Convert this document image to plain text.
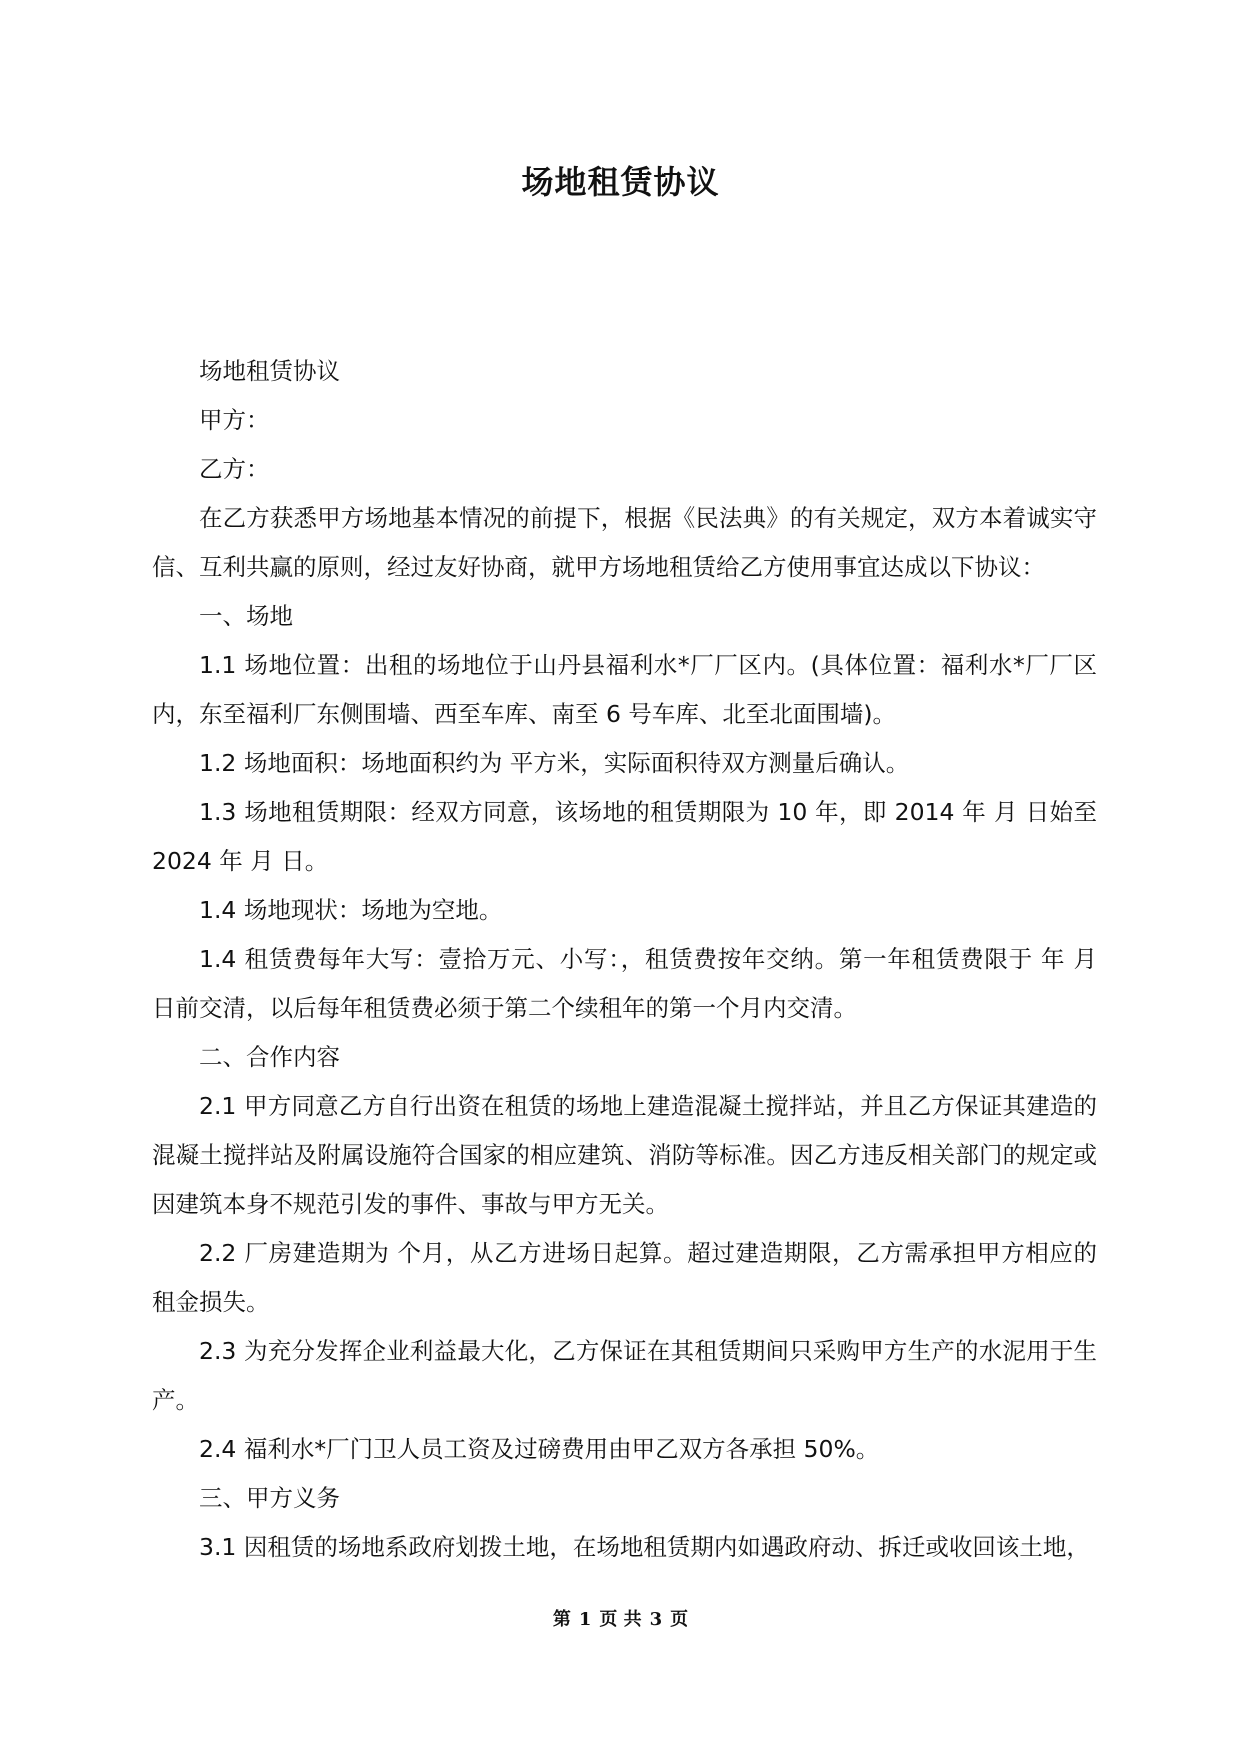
场地租赁协议

场地租赁协议

甲方：

乙方：

在乙方获悉甲方场地基本情况的前提下，根据《民法典》的有关规定，双方本着诚实守信、互利共赢的原则，经过友好协商，就甲方场地租赁给乙方使用事宜达成以下协议：

一、场地

1.1 场地位置：出租的场地位于山丹县福利水*厂厂区内。(具体位置：福利水*厂厂区内，东至福利厂东侧围墙、西至车库、南至 6 号车库、北至北面围墙)。

1.2 场地面积：场地面积约为 平方米，实际面积待双方测量后确认。

1.3 场地租赁期限：经双方同意，该场地的租赁期限为 10 年，即 2014 年 月 日始至 2024 年 月 日。

1.4 场地现状：场地为空地。

1.4 租赁费每年大写：壹拾万元、小写：，租赁费按年交纳。第一年租赁费限于 年 月 日前交清，以后每年租赁费必须于第二个续租年的第一个月内交清。

二、合作内容

2.1 甲方同意乙方自行出资在租赁的场地上建造混凝土搅拌站，并且乙方保证其建造的混凝土搅拌站及附属设施符合国家的相应建筑、消防等标准。因乙方违反相关部门的规定或因建筑本身不规范引发的事件、事故与甲方无关。

2.2 厂房建造期为 个月，从乙方进场日起算。超过建造期限，乙方需承担甲方相应的租金损失。

2.3 为充分发挥企业利益最大化，乙方保证在其租赁期间只采购甲方生产的水泥用于生产。

2.4 福利水*厂门卫人员工资及过磅费用由甲乙双方各承担 50%。

三、甲方义务

3.1 因租赁的场地系政府划拨土地，在场地租赁期内如遇政府动、拆迁或收回该土地，

第 1 页 共 3 页
